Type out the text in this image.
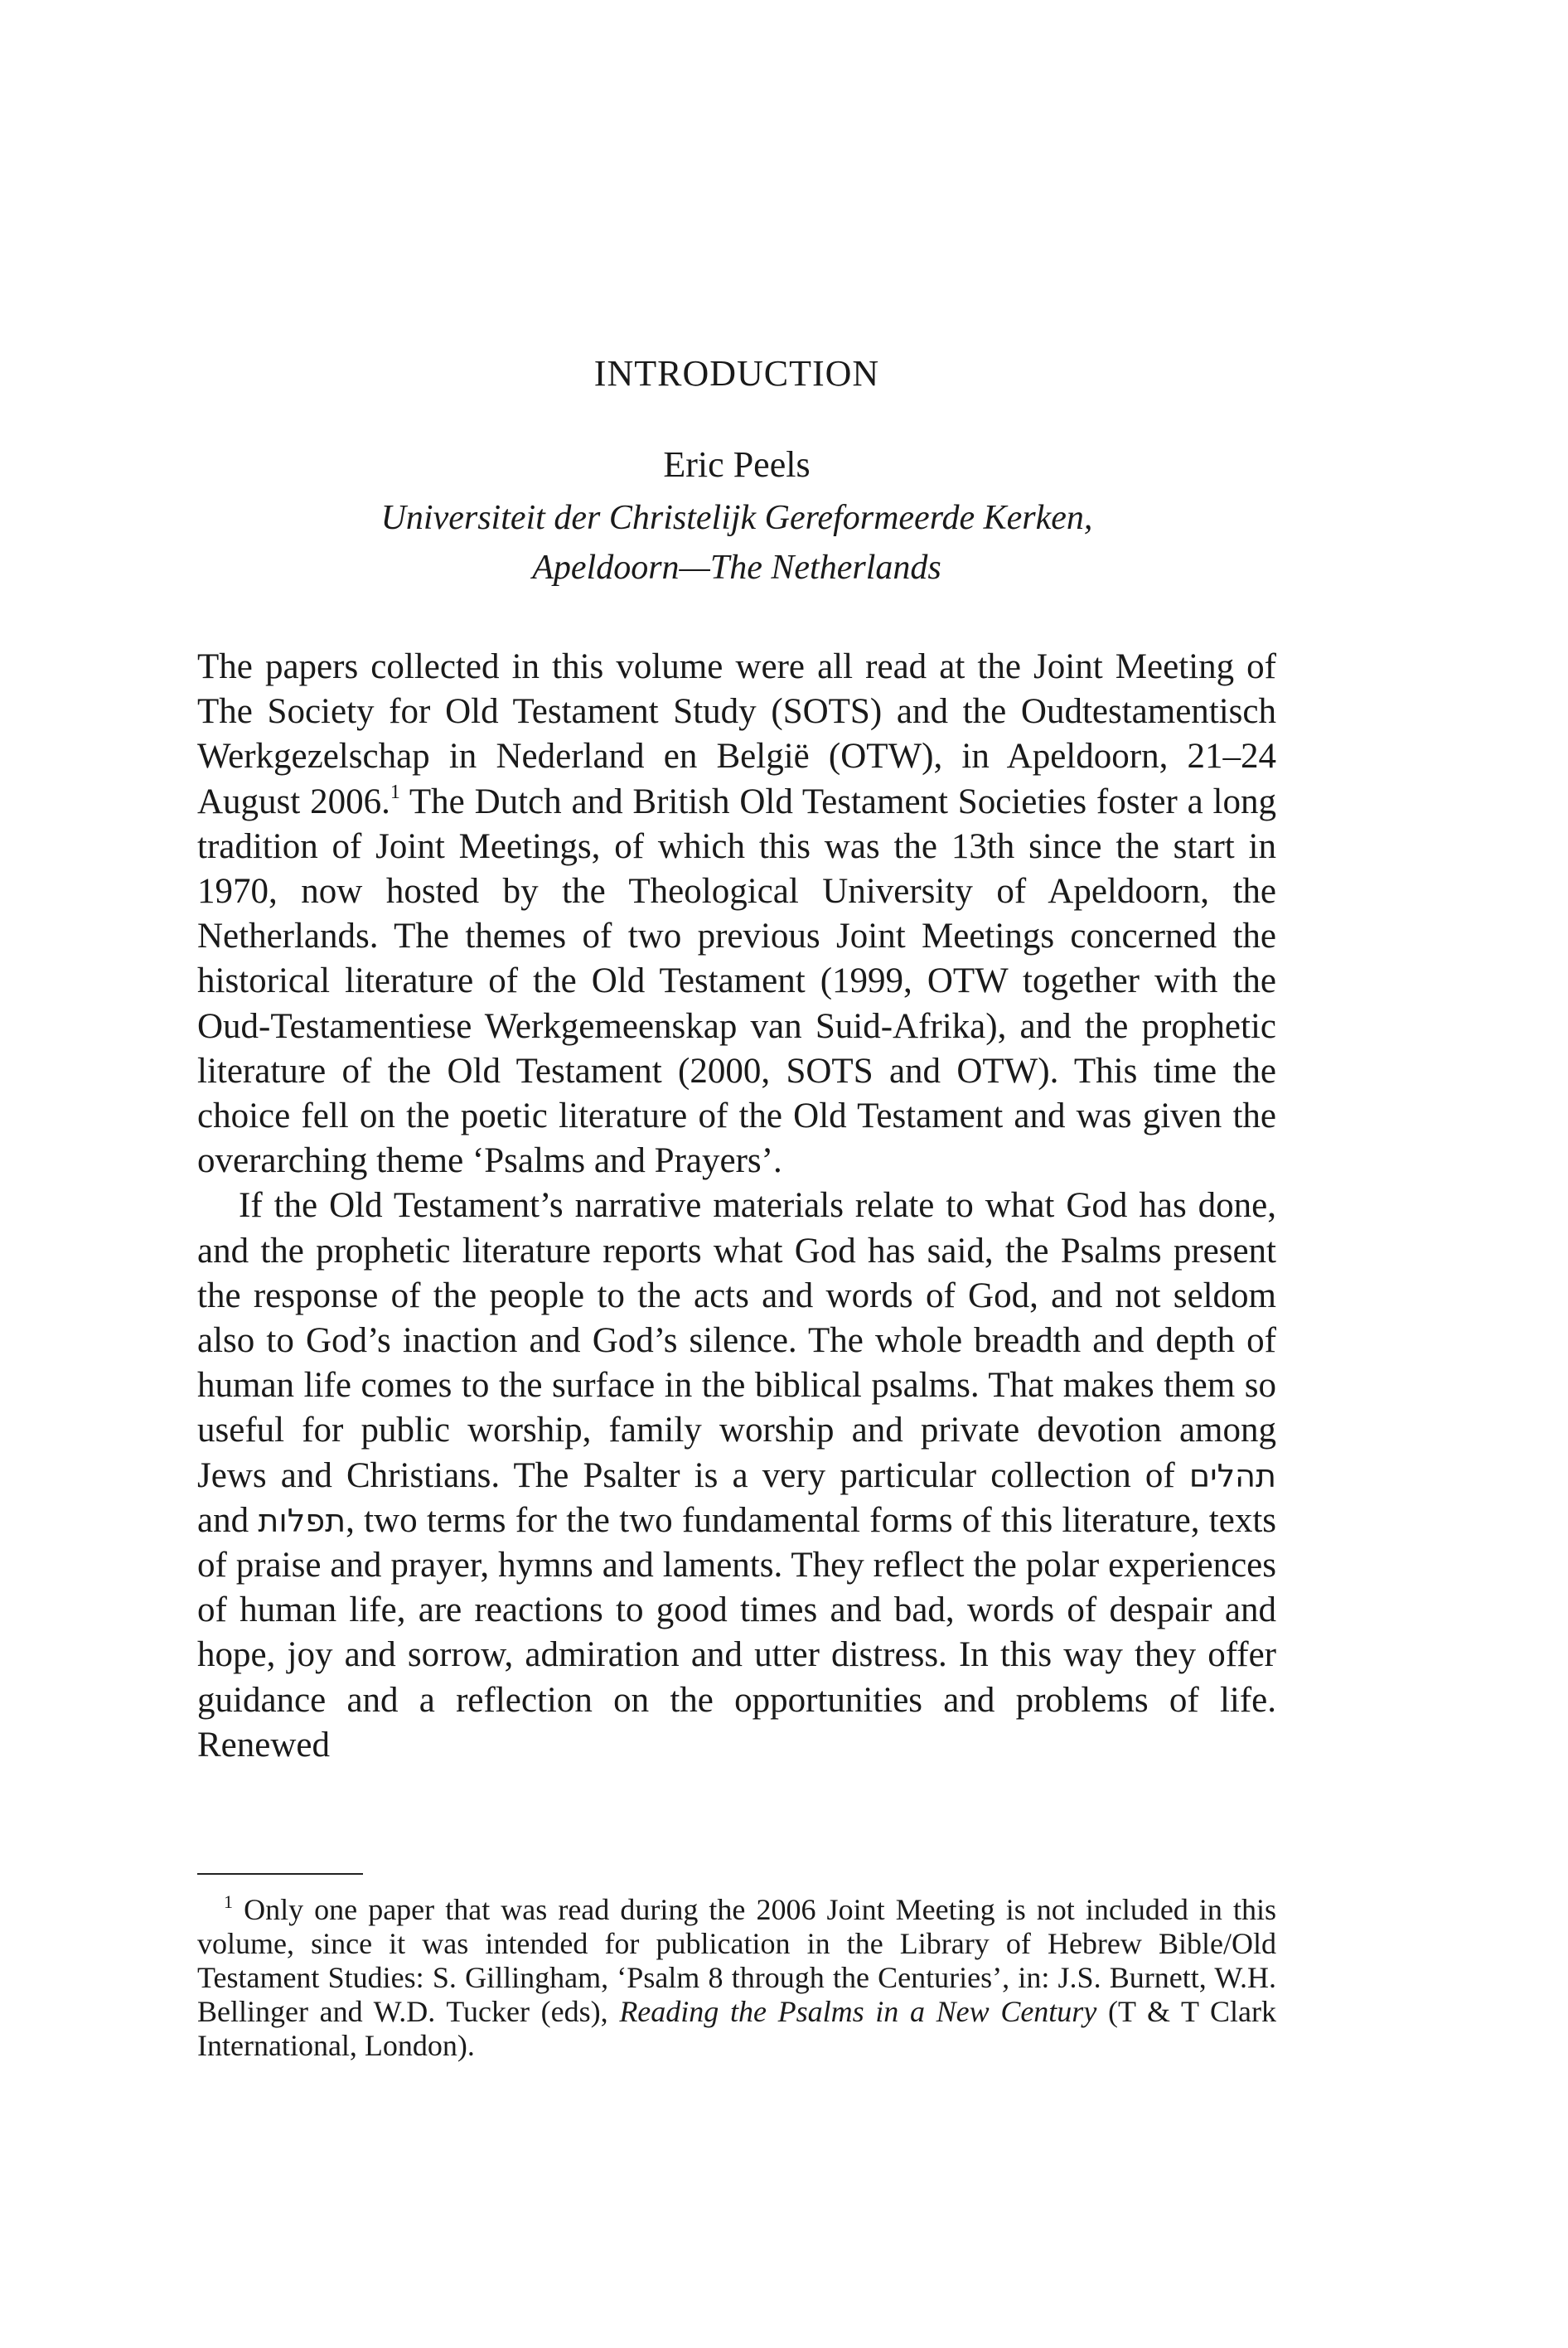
INTRODUCTION
Eric Peels
Universiteit der Christelijk Gereformeerde Kerken,
Apeldoorn—The Netherlands

The papers collected in this volume were all read at the Joint Meeting of The Society for Old Testament Study (SOTS) and the Oudtestamentisch Werkgezelschap in Nederland en België (OTW), in Apeldoorn, 21–24 August 2006.$^1$ The Dutch and British Old Testament Societies foster a long tradition of Joint Meetings, of which this was the 13th since the start in 1970, now hosted by the Theological University of Apeldoorn, the Netherlands. The themes of two previous Joint Meetings concerned the historical literature of the Old Testament (1999, OTW together with the Oud-Testamentiese Werkgemeenskap van Suid-Afrika), and the prophetic literature of the Old Testament (2000, SOTS and OTW). This time the choice fell on the poetic literature of the Old Testament and was given the overarching theme ‘Psalms and Prayers’.

If the Old Testament’s narrative materials relate to what God has done, and the prophetic literature reports what God has said, the Psalms present the response of the people to the acts and words of God, and not seldom also to God’s inaction and God’s silence. The whole breadth and depth of human life comes to the surface in the biblical psalms. That makes them so useful for public worship, family worship and private devotion among Jews and Christians. The Psalter is a very particular collection of תהלים and תפלות, two terms for the two fundamental forms of this literature, texts of praise and prayer, hymns and laments. They reflect the polar experiences of human life, are reactions to good times and bad, words of despair and hope, joy and sorrow, admiration and utter distress. In this way they offer guidance and a reflection on the opportunities and problems of life. Renewed

$^1$ Only one paper that was read during the 2006 Joint Meeting is not included in this volume, since it was intended for publication in the Library of Hebrew Bible/Old Testament Studies: S. Gillingham, ‘Psalm 8 through the Centuries’, in: J.S. Burnett, W.H. Bellinger and W.D. Tucker (eds), Reading the Psalms in a New Century (T & T Clark International, London).
